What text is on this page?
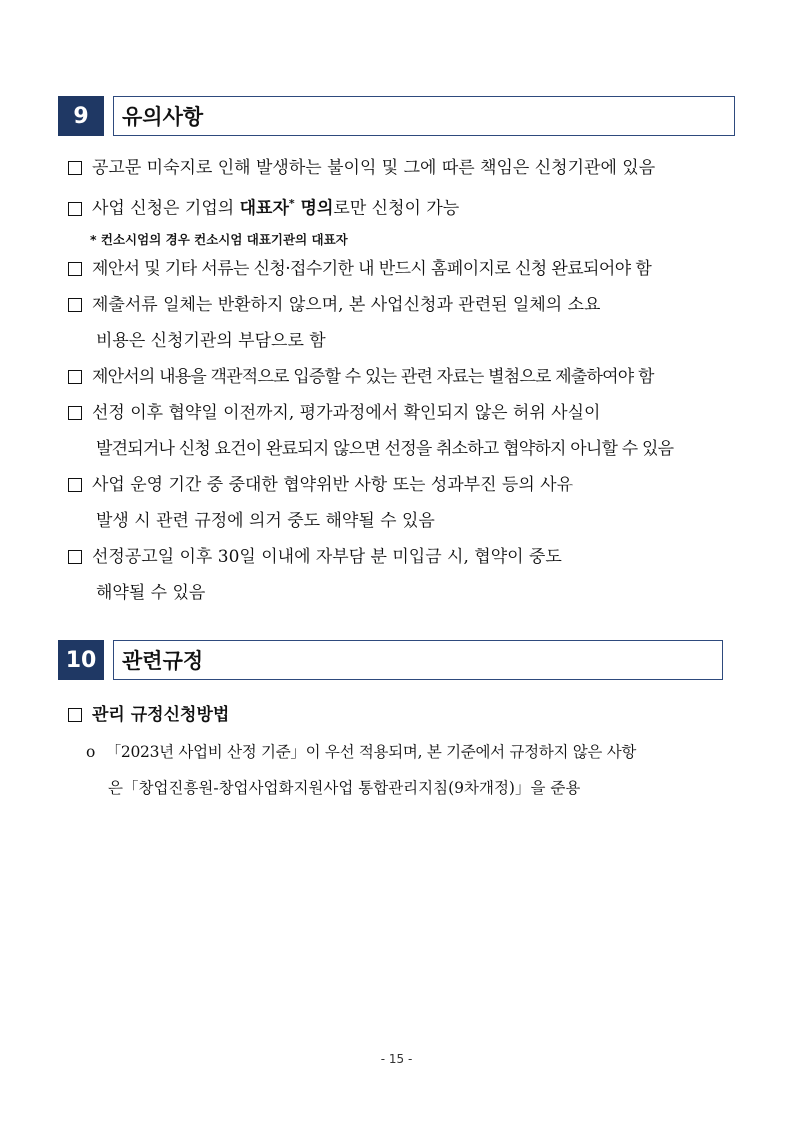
9	유의사항
공고문 미숙지로 인해 발생하는 불이익 및 그에 따른 책임은 신청기관에 있음
사업 신청은 기업의 대표자* 명의로만 신청이 가능
* 컨소시엄의 경우 컨소시엄 대표기관의 대표자
제안서 및 기타 서류는 신청·접수기한 내 반드시 홈페이지로 신청 완료되어야 함
제출서류 일체는 반환하지 않으며, 본 사업신청과 관련된 일체의 소요
비용은 신청기관의 부담으로 함
제안서의 내용을 객관적으로 입증할 수 있는 관련 자료는 별첨으로 제출하여야 함
선정 이후 협약일 이전까지, 평가과정에서 확인되지 않은 허위 사실이
발견되거나 신청 요건이 완료되지 않으면 선정을 취소하고 협약하지 아니할 수 있음
사업 운영 기간 중 중대한 협약위반 사항 또는 성과부진 등의 사유
발생 시 관련 규정에 의거 중도 해약될 수 있음
선정공고일 이후 30일 이내에 자부담 분 미입금 시, 협약이 중도
해약될 수 있음
10	관련규정
관리 규정신청방법
o 「2023년 사업비 산정 기준」이 우선 적용되며, 본 기준에서 규정하지 않은 사항
은「창업진흥원-창업사업화지원사업 통합관리지침(9차개정)」을 준용
- 15 -
